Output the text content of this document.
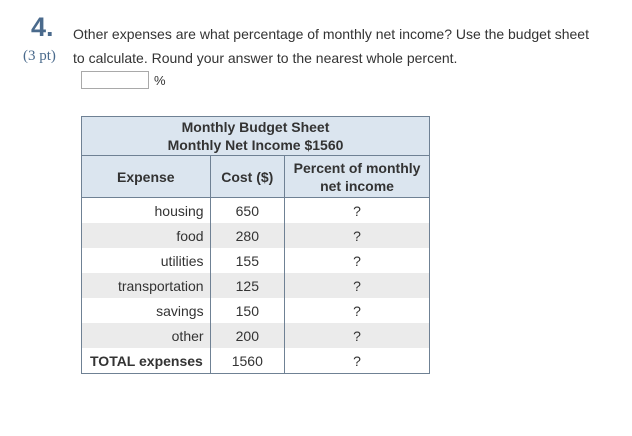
4.
(3 pt)
Other expenses are what percentage of monthly net income? Use the budget sheet to calculate. Round your answer to the nearest whole percent.
%
Monthly Budget Sheet
Monthly Net Income $1560		

Expense	Cost ($)	Percent of monthly
net income

housing	650	?
food	280	?
utilities	155	?
transportation	125	?
savings	150	?
other	200	?
TOTAL expenses	1560	?
